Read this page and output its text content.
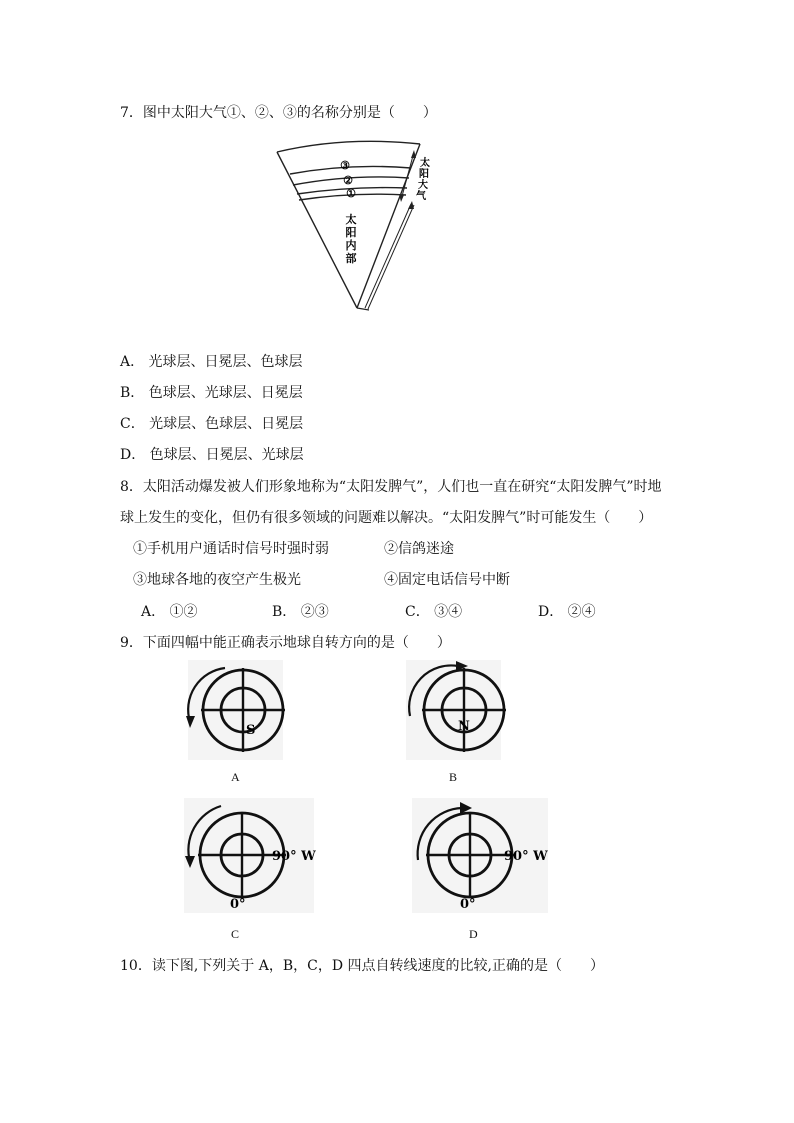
7．图中太阳大气①、②、③的名称分别是（　　）
③
②
①
太
阳
内
部
太
阳
大
气
A． 光球层、日冕层、色球层
B． 色球层、光球层、日冕层
C． 光球层、色球层、日冕层
D． 色球层、日冕层、光球层
8．太阳活动爆发被人们形象地称为“太阳发脾气”，人们也一直在研究“太阳发脾气”时地
球上发生的变化，但仍有很多领域的问题难以解决。“太阳发脾气”时可能发生（　　）
①手机用户通话时信号时强时弱	②信鸽迷途
③地球各地的夜空产生极光	④固定电话信号中断
A． ①②	B． ②③	C． ③④	D． ②④
9．下面四幅中能正确表示地球自转方向的是（　　）
S
A
N
B
90° W
0°
C
90° W
0°
D
10．读下图,下列关于 A，B，C，D 四点自转线速度的比较,正确的是（　　）
